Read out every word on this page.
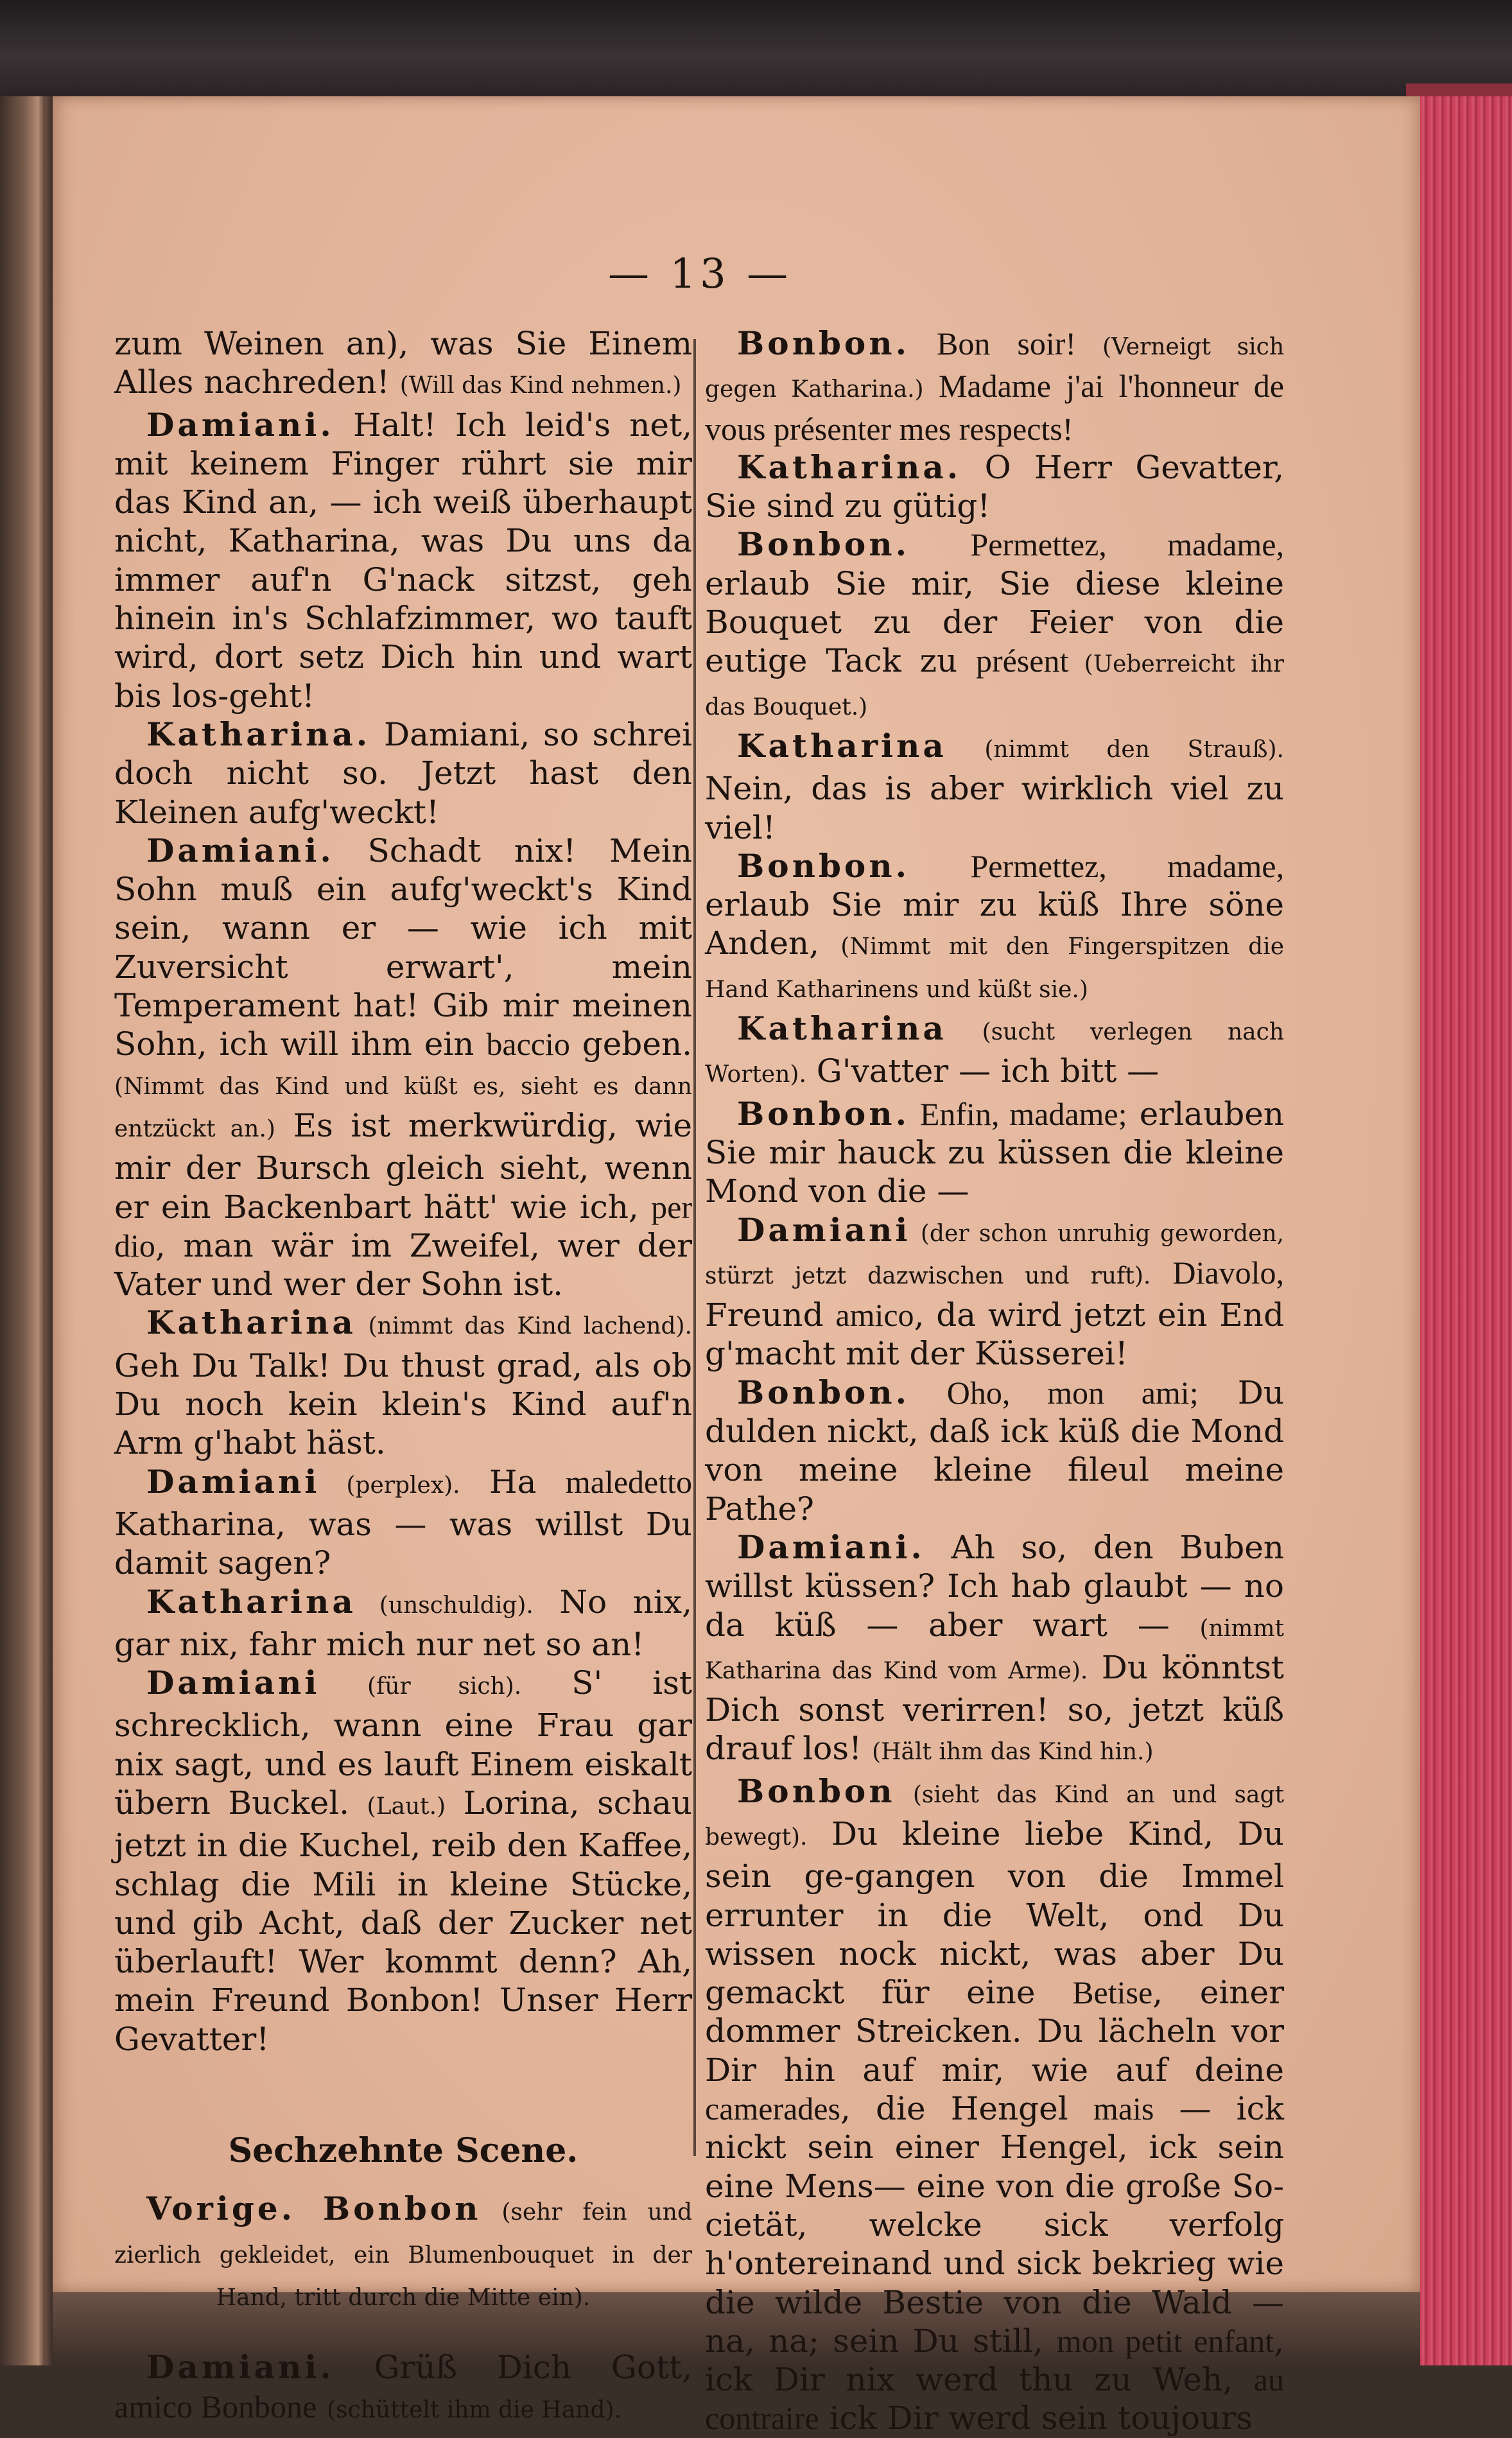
— 13 —

zum Weinen an), was Sie Einem Alles nachreden! (Will das Kind nehmen.)

 Damiani. Halt! Ich leid's net, mit keinem Finger rührt sie mir das Kind an, — ich weiß überhaupt nicht, Katharina, was Du uns da immer auf'n G'nack sitzst, geh hinein in's Schlafzimmer, wo tauft wird, dort setz Dich hin und wart bis los-geht!

 Katharina. Damiani, so schrei doch nicht so. Jetzt hast den Kleinen aufg'weckt!

 Damiani. Schadt nix! Mein Sohn muß ein aufg'weckt's Kind sein, wann er — wie ich mit Zuversicht erwart', mein Temperament hat! Gib mir meinen Sohn, ich will ihm ein baccio geben. (Nimmt das Kind und küßt es, sieht es dann entzückt an.) Es ist merkwürdig, wie mir der Bursch gleich sieht, wenn er ein Backenbart hätt' wie ich, per dio, man wär im Zweifel, wer der Vater und wer der Sohn ist.

 Katharina (nimmt das Kind lachend). Geh Du Talk! Du thust grad, als ob Du noch kein klein's Kind auf'n Arm g'habt häst.

 Damiani (perplex). Ha maledetto Katharina, was — was willst Du damit sagen?

 Katharina (unschuldig). No nix, gar nix, fahr mich nur net so an!

 Damiani (für sich). S' ist schrecklich, wann eine Frau gar nix sagt, und es lauft Einem eiskalt übern Buckel. (Laut.) Lorina, schau jetzt in die Kuchel, reib den Kaffee, schlag die Mili in kleine Stücke, und gib Acht, daß der Zucker net überlauft! Wer kommt denn? Ah, mein Freund Bonbon! Unser Herr Gevatter!

Sechzehnte Scene.

 Vorige. Bonbon (sehr fein und zierlich gekleidet, ein Blumenbouquet in der Hand, tritt durch die Mitte ein).

 Damiani. Grüß Dich Gott, amico Bonbone (schüttelt ihm die Hand).

 Bonbon. Bon soir! (Verneigt sich gegen Katharina.) Madame j'ai l'honneur de vous présenter mes respects!

 Katharina. O Herr Gevatter, Sie sind zu gütig!

 Bonbon. Permettez, madame, erlaub Sie mir, Sie diese kleine Bouquet zu der Feier von die eutige Tack zu présent (Ueberreicht ihr das Bouquet.)

 Katharina (nimmt den Strauß). Nein, das is aber wirklich viel zu viel!

 Bonbon. Permettez, madame, erlaub Sie mir zu küß Ihre söne Anden, (Nimmt mit den Fingerspitzen die Hand Katharinens und küßt sie.)

 Katharina (sucht verlegen nach Worten). G'vatter — ich bitt —

 Bonbon. Enfin, madame; erlauben Sie mir hauck zu küssen die kleine Mond von die —

 Damiani (der schon unruhig geworden, stürzt jetzt dazwischen und ruft). Diavolo, Freund amico, da wird jetzt ein End g'macht mit der Küsserei!

 Bonbon. Oho, mon ami; Du dulden nickt, daß ick küß die Mond von meine kleine fileul meine Pathe?

 Damiani. Ah so, den Buben willst küssen? Ich hab glaubt — no da küß — aber wart — (nimmt Katharina das Kind vom Arme). Du könntst Dich sonst verirren! so, jetzt küß drauf los! (Hält ihm das Kind hin.)

 Bonbon (sieht das Kind an und sagt bewegt). Du kleine liebe Kind, Du sein ge-gangen von die Immel errunter in die Welt, ond Du wissen nock nickt, was aber Du gemackt für eine Betise, einer dommer Streicken. Du lächeln vor Dir hin auf mir, wie auf deine camerades, die Hengel mais — ick nickt sein einer Hengel, ick sein eine Mens— eine von die große So-cietät, welcke sick verfolg h'ontereinand und sick bekrieg wie die wilde Bestie von die Wald — na, na; sein Du still, mon petit enfant, ick Dir nix werd thu zu Weh, au contraire ick Dir werd sein toujours
